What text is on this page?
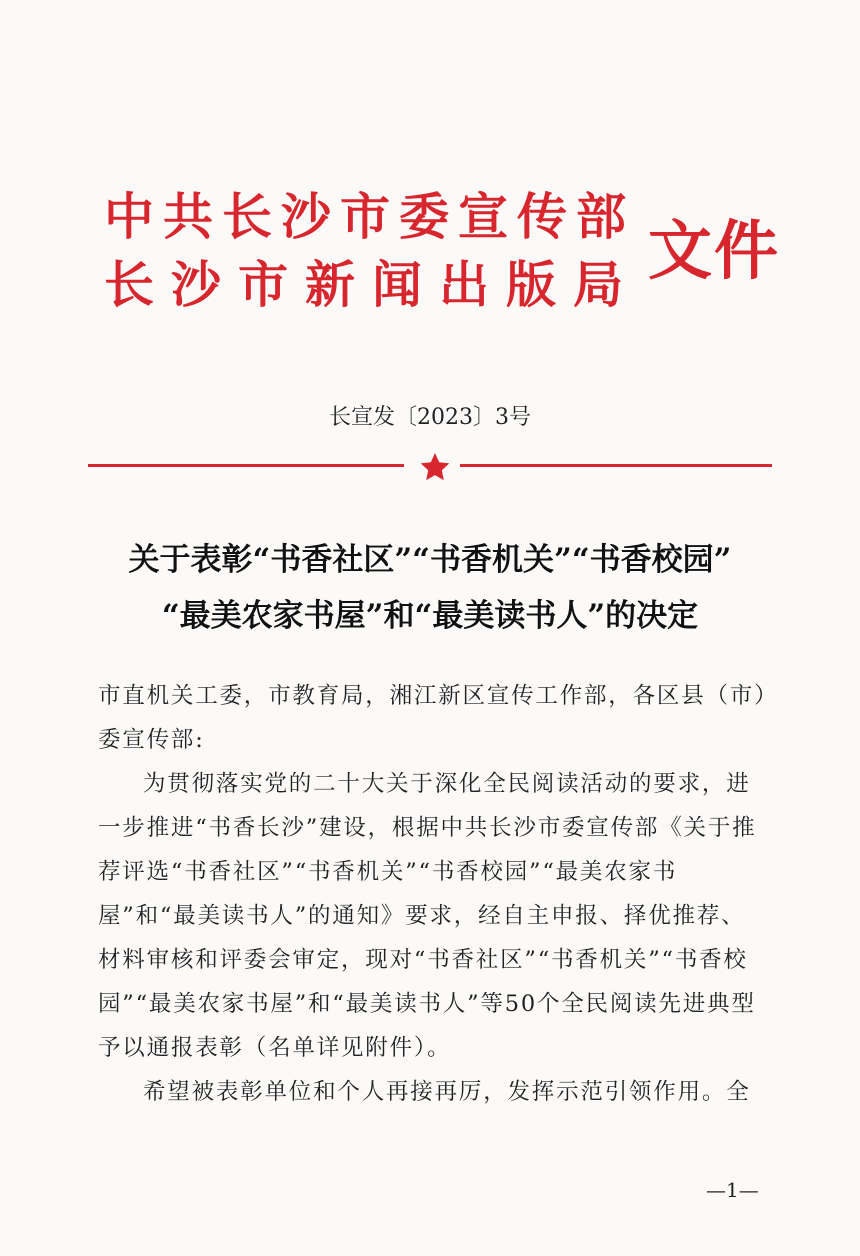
中共长沙市委宣传部
长沙市新闻出版局 文件
长宣发〔2023〕3号
关于表彰“书香社区”“书香机关”“书香校园”
“最美农家书屋”和“最美读书人”的决定

市直机关工委，市教育局，湘江新区宣传工作部，各区县（市）委宣传部:

为贯彻落实党的二十大关于深化全民阅读活动的要求，进一步推进“书香长沙”建设，根据中共长沙市委宣传部《关于推荐评选“书香社区”“书香机关”“书香校园”“最美农家书屋”和“最美读书人”的通知》要求，经自主申报、择优推荐、材料审核和评委会审定，现对“书香社区”“书香机关”“书香校园”“最美农家书屋”和“最美读书人”等50个全民阅读先进典型予以通报表彰（名单详见附件）。

希望被表彰单位和个人再接再厉，发挥示范引领作用。全

—1—
